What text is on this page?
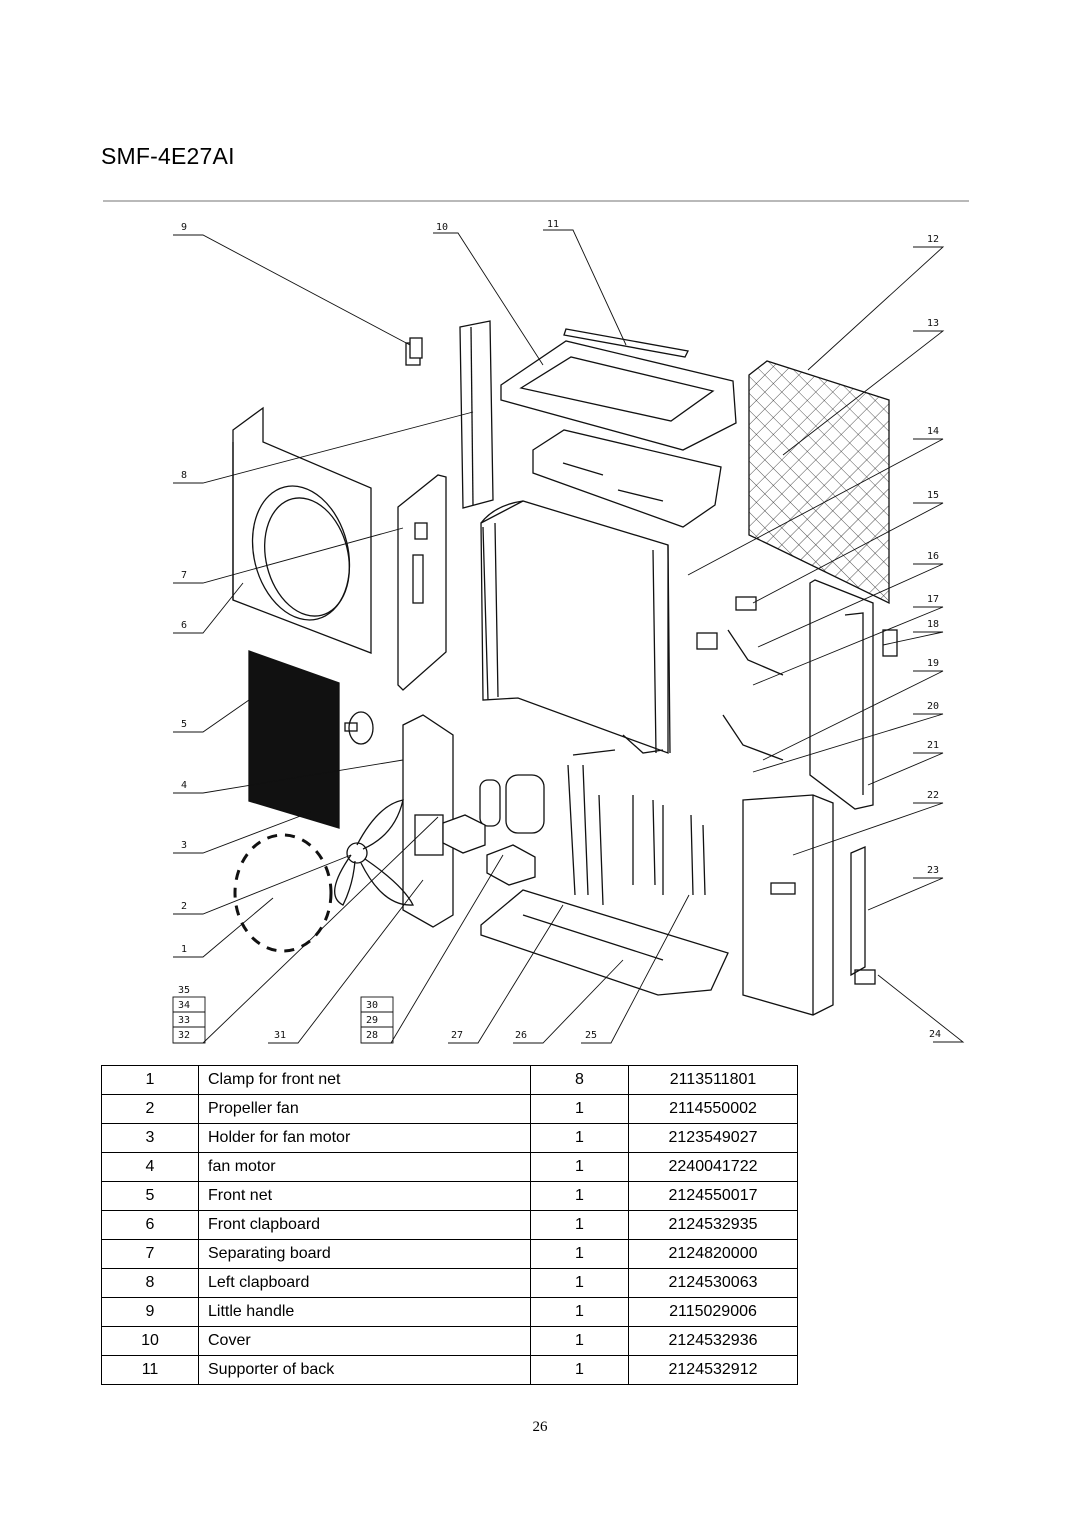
SMF-4E27AI
9	10	11
12
13
14
15
16
17
18
19
20
21
22
23
24
8
7
6
5
4
3
2
1
35
34
33
32	31
30
29
28	27	26	25
1	Clamp for front net	8	2113511801
2	Propeller fan	1	2114550002
3	Holder for fan motor	1	2123549027
4	fan motor	1	2240041722
5	Front net	1	2124550017
6	Front clapboard	1	2124532935
7	Separating board	1	2124820000
8	Left clapboard	1	2124530063
9	Little handle	1	2115029006
10	Cover	1	2124532936
11	Supporter of back	1	2124532912
26
